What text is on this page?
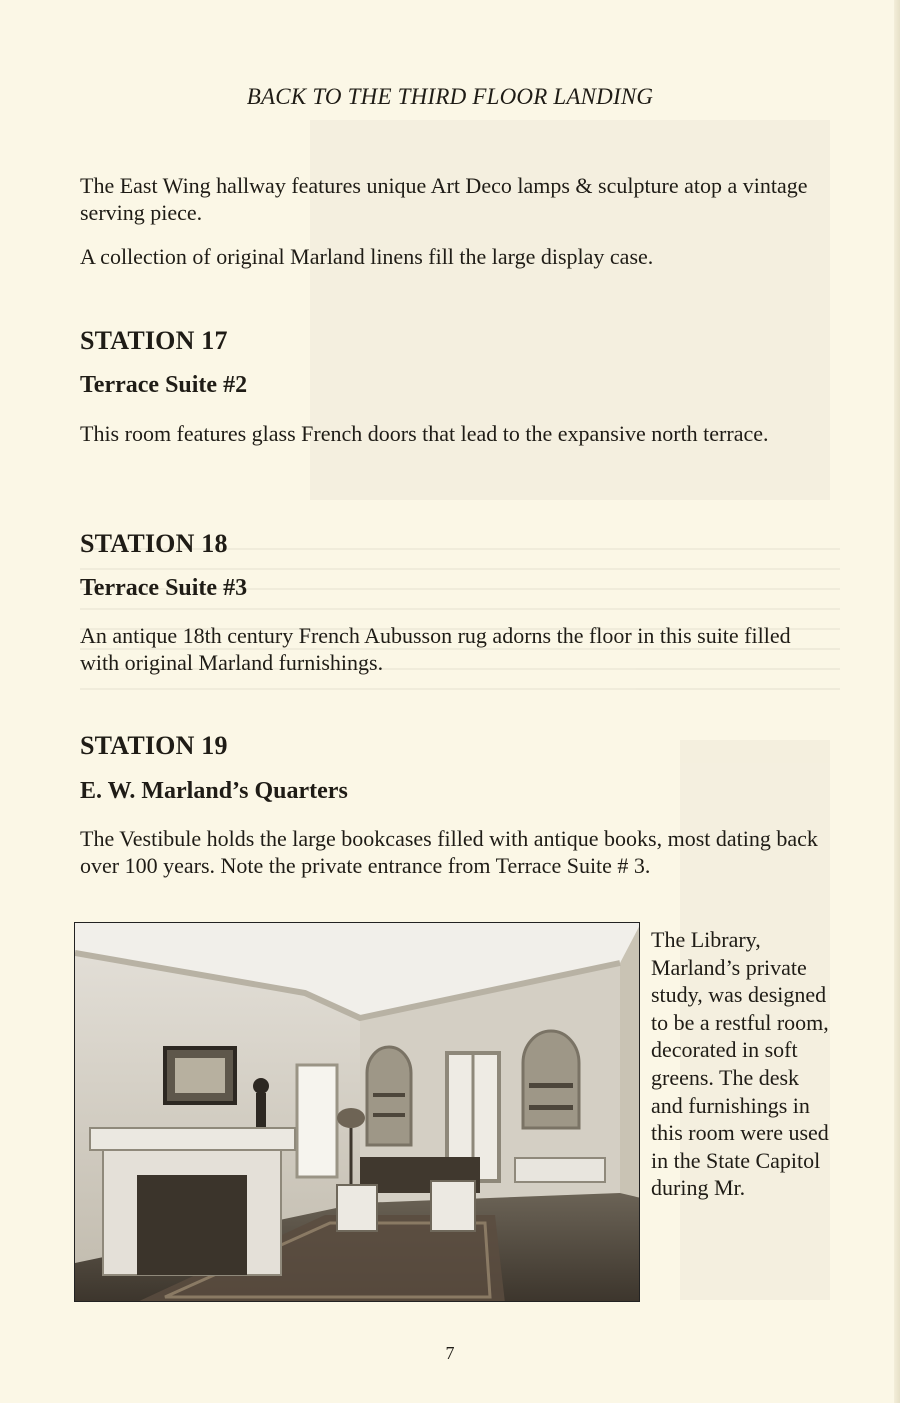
BACK TO THE THIRD FLOOR LANDING

The East Wing hallway features unique Art Deco lamps & sculpture atop a vintage serving piece.

A collection of original Marland linens fill the large display case.

STATION 17
Terrace Suite #2

This room features glass French doors that lead to the expansive north terrace.

STATION 18
Terrace Suite #3

An antique 18th century French Aubusson rug adorns the floor in this suite filled with original Marland furnishings.

STATION 19
E. W. Marland’s Quarters

The Vestibule holds the large bookcases filled with antique books, most dating back over 100 years. Note the private entrance from Terrace Suite # 3.

The Library, Marland’s private study, was designed to be a restful room, decorated in soft greens. The desk and furnishings in this room were used in the State Capitol during Mr.

7
